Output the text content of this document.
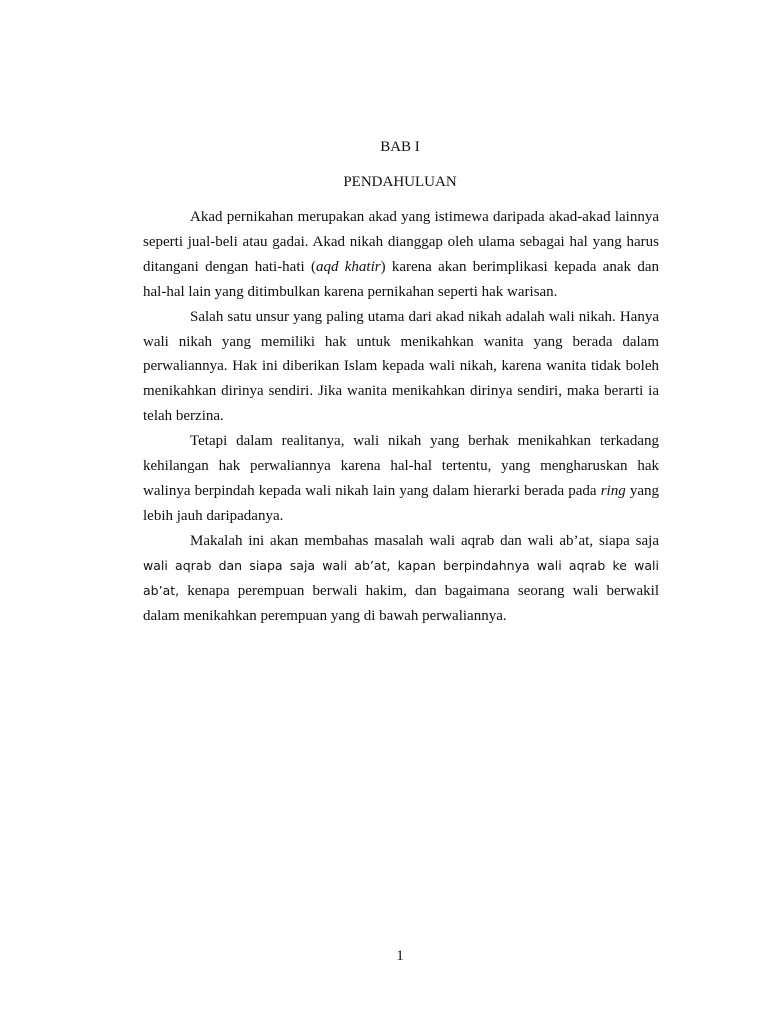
BAB I
PENDAHULUAN

Akad pernikahan merupakan akad yang istimewa daripada akad-akad lainnya seperti jual-beli atau gadai. Akad nikah dianggap oleh ulama sebagai hal yang harus ditangani dengan hati-hati (aqd khatir) karena akan berimplikasi kepada anak dan hal-hal lain yang ditimbulkan karena pernikahan seperti hak warisan.

Salah satu unsur yang paling utama dari akad nikah adalah wali nikah. Hanya wali nikah yang memiliki hak untuk menikahkan wanita yang berada dalam perwaliannya. Hak ini diberikan Islam kepada wali nikah, karena wanita tidak boleh menikahkan dirinya sendiri. Jika wanita menikahkan dirinya sendiri, maka berarti ia telah berzina.

Tetapi dalam realitanya, wali nikah yang berhak menikahkan terkadang kehilangan hak perwaliannya karena hal-hal tertentu, yang mengharuskan hak walinya berpindah kepada wali nikah lain yang dalam hierarki berada pada ring yang lebih jauh daripadanya.

Makalah ini akan membahas masalah wali aqrab dan wali ab’at, siapa saja wali aqrab dan siapa saja wali ab’at, kapan berpindahnya wali aqrab ke wali ab’at, kenapa perempuan berwali hakim, dan bagaimana seorang wali berwakil dalam menikahkan perempuan yang di bawah perwaliannya.

1
